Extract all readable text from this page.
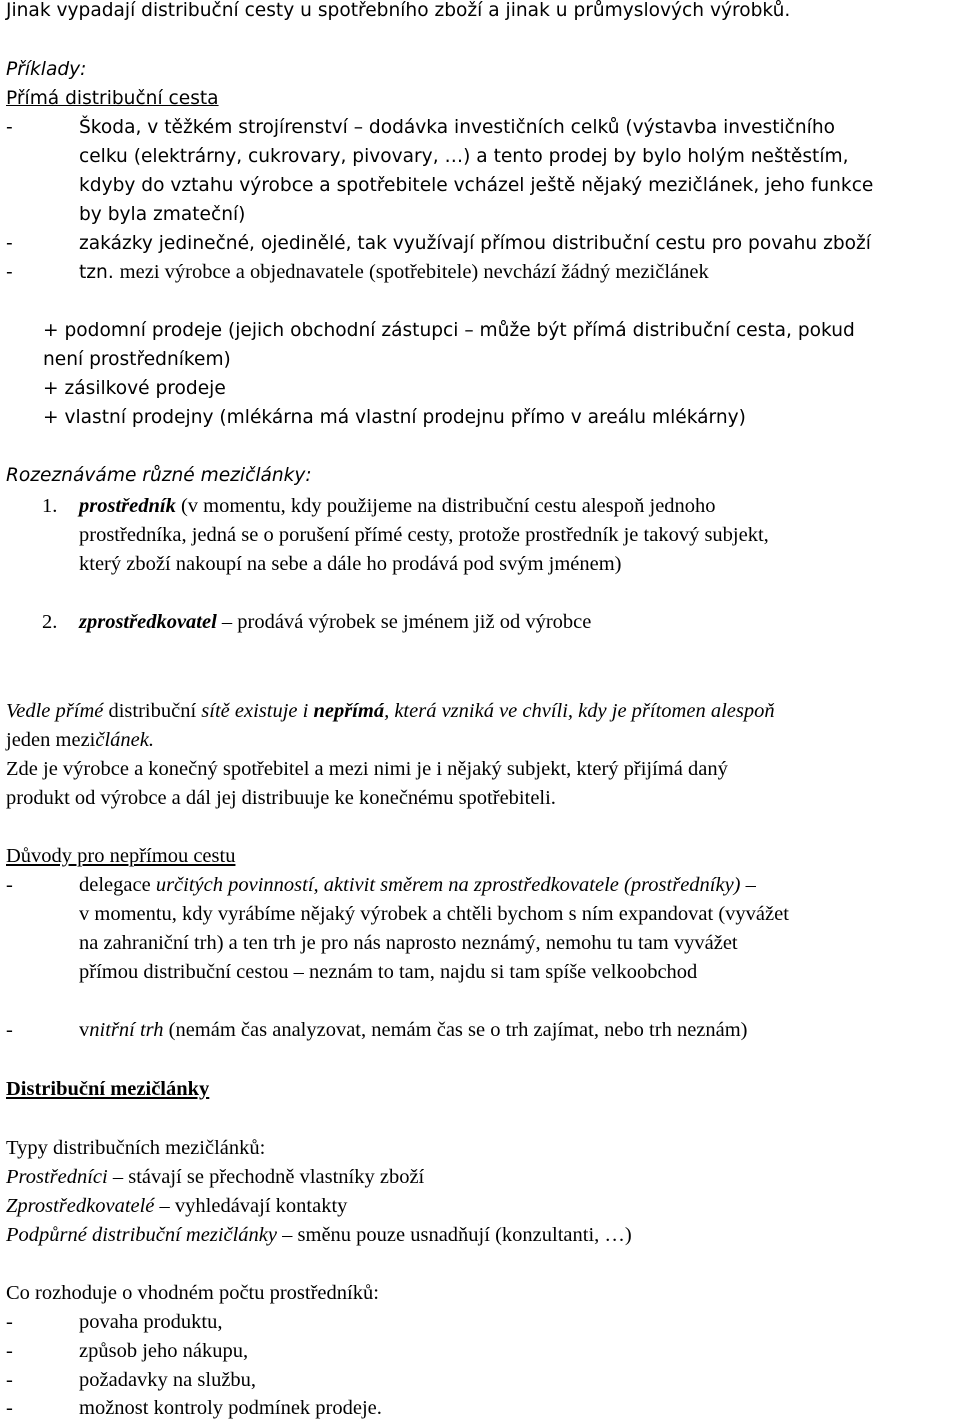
Jinak vypadají distribuční cesty u spotřebního zboží a jinak u průmyslových výrobků.
Příklady:
Přímá distribuční cesta
-	Škoda, v těžkém strojírenství – dodávka investičních celků (výstavba investičního
celku (elektrárny, cukrovary, pivovary, …) a tento prodej by bylo holým neštěstím,
kdyby do vztahu výrobce a spotřebitele vcházel ještě nějaký mezičlánek, jeho funkce
by byla zmateční)
-	zakázky jedinečné, ojedinělé, tak využívají přímou distribuční cestu pro povahu zboží
-	tzn. mezi výrobce a objednavatele (spotřebitele) nevchází žádný mezičlánek
+ podomní prodeje (jejich obchodní zástupci – může být přímá distribuční cesta, pokud
není prostředníkem)
+ zásilkové prodeje
+ vlastní prodejny (mlékárna má vlastní prodejnu přímo v areálu mlékárny)
Rozeznáváme různé mezičlánky:
1. prostředník (v momentu, kdy použijeme na distribuční cestu alespoň jednoho
prostředníka, jedná se o porušení přímé cesty, protože prostředník je takový subjekt,
který zboží nakoupí na sebe a dále ho prodává pod svým jménem)
2. zprostředkovatel – prodává výrobek se jménem již od výrobce
Vedle přímé distribuční sítě existuje i nepřímá, která vzniká ve chvíli, kdy je přítomen alespoň
jeden mezičlánek.
Zde je výrobce a konečný spotřebitel a mezi nimi je i nějaký subjekt, který přijímá daný
produkt od výrobce a dál jej distribuuje ke konečnému spotřebiteli.
Důvody pro nepřímou cestu
-	delegace určitých povinností, aktivit směrem na zprostředkovatele (prostředníky) –
v momentu, kdy vyrábíme nějaký výrobek a chtěli bychom s ním expandovat (vyvážet
na zahraniční trh) a ten trh je pro nás naprosto neznámý, nemohu tu tam vyvážet
přímou distribuční cestou – neznám to tam, najdu si tam spíše velkoobchod
-	vnitřní trh (nemám čas analyzovat, nemám čas se o trh zajímat, nebo trh neznám)
Distribuční mezičlánky
Typy distribučních mezičlánků:
Prostředníci – stávají se přechodně vlastníky zboží
Zprostředkovatelé – vyhledávají kontakty
Podpůrné distribuční mezičlánky – směnu pouze usnadňují (konzultanti, …)
Co rozhoduje o vhodném počtu prostředníků:
-	povaha produktu,
-	způsob jeho nákupu,
-	požadavky na službu,
-	možnost kontroly podmínek prodeje.
